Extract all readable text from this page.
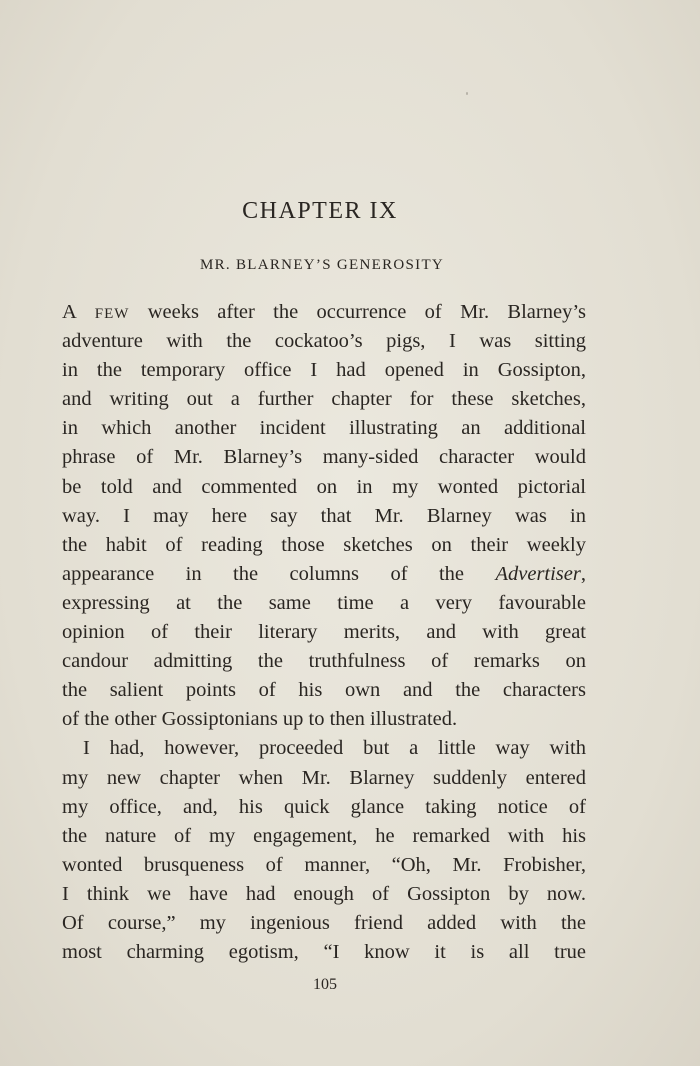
CHAPTER IX
MR. BLARNEY’S GENEROSITY
A FEW weeks after the occurrence of Mr. Blarney’s
adventure with the cockatoo’s pigs, I was sitting
in the temporary office I had opened in Gossipton,
and writing out a further chapter for these sketches,
in which another incident illustrating an additional
phrase of Mr. Blarney’s many-sided character would
be told and commented on in my wonted pictorial
way. I may here say that Mr. Blarney was in
the habit of reading those sketches on their weekly
appearance in the columns of the Advertiser,
expressing at the same time a very favourable
opinion of their literary merits, and with great
candour admitting the truthfulness of remarks on
the salient points of his own and the characters
of the other Gossiptonians up to then illustrated.
I had, however, proceeded but a little way with
my new chapter when Mr. Blarney suddenly entered
my office, and, his quick glance taking notice of
the nature of my engagement, he remarked with his
wonted brusqueness of manner, “Oh, Mr. Frobisher,
I think we have had enough of Gossipton by now.
Of course,” my ingenious friend added with the
most charming egotism, “I know it is all true
105
